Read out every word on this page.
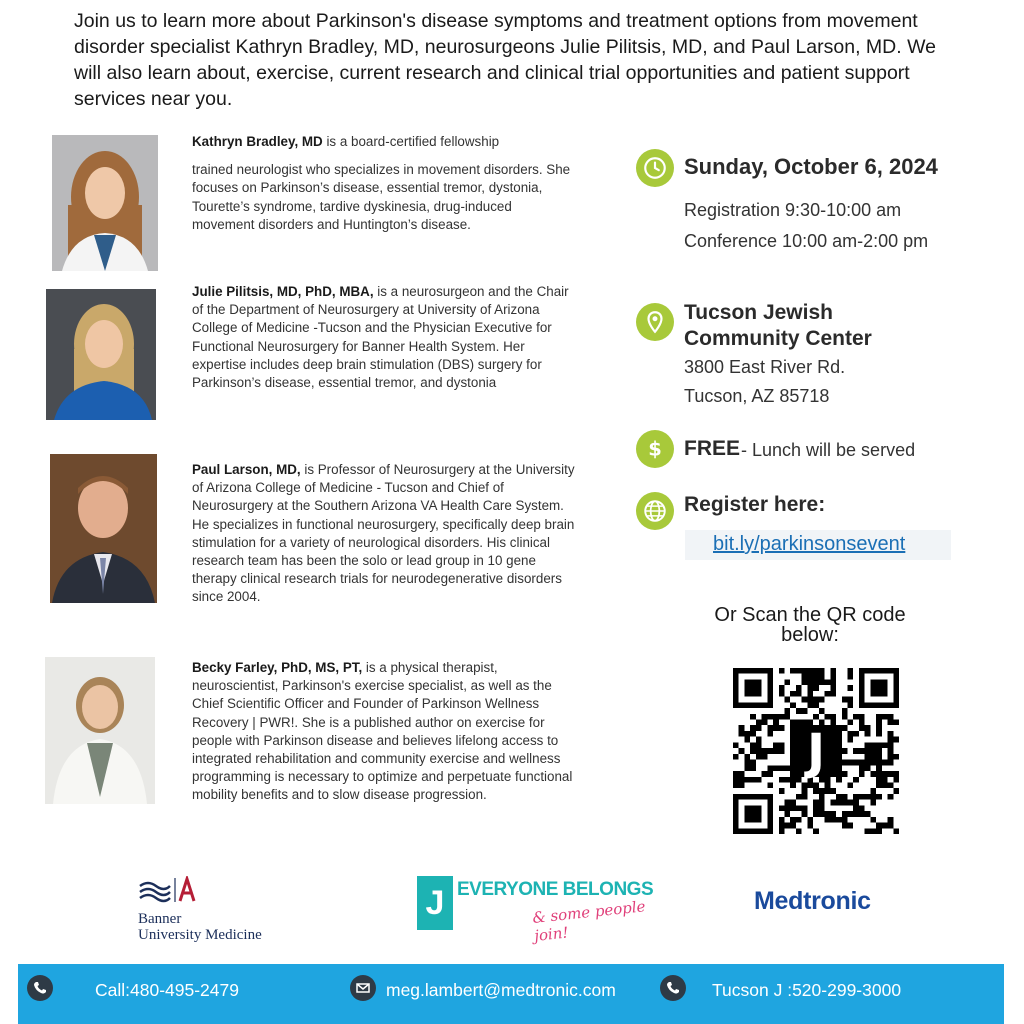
Join us to learn more about Parkinson's disease symptoms and treatment options from movement disorder specialist Kathryn Bradley, MD, neurosurgeons Julie Pilitsis, MD, and Paul Larson, MD. We will also learn about, exercise, current research and clinical trial opportunities and patient support services near you.
Kathryn Bradley, MD is a board-certified fellowship
trained neurologist who specializes in movement disorders. She focuses on Parkinson’s disease, essential tremor, dystonia, Tourette’s syndrome, tardive dyskinesia, drug-induced movement disorders and Huntington’s disease.
Julie Pilitsis, MD, PhD, MBA, is a neurosurgeon and the Chair of the Department of Neurosurgery at University of Arizona College of Medicine -Tucson and the Physician Executive for Functional Neurosurgery for Banner Health System. Her expertise includes deep brain stimulation (DBS) surgery for Parkinson’s disease, essential tremor, and dystonia
Paul Larson, MD, is Professor of Neurosurgery at the University of Arizona College of Medicine - Tucson and Chief of Neurosurgery at the Southern Arizona VA Health Care System. He specializes in functional neurosurgery, specifically deep brain stimulation for a variety of neurological disorders. His clinical research team has been the solo or lead group in 10 gene therapy clinical research trials for neurodegenerative disorders since 2004.
Becky Farley, PhD, MS, PT, is a physical therapist, neuroscientist, Parkinson's exercise specialist, as well as the Chief Scientific Officer and Founder of Parkinson Wellness Recovery | PWR!. She is a published author on exercise for people with Parkinson disease and believes lifelong access to integrated rehabilitation and community exercise and wellness programming is necessary to optimize and perpetuate functional mobility benefits and to slow disease progression.
Sunday, October 6, 2024
Registration 9:30-10:00 am
Conference 10:00 am-2:00 pm
Tucson Jewish
Community Center
3800 East River Rd.
Tucson, AZ 85718
$ FREE - Lunch will be served
Register here:
bit.ly/parkinsonsevent
Or Scan the QR code
below:
J
Banner
University Medicine
J EVERYONE BELONGS
& some people join!
Medtronic
Call:480-495-2479	meg.lambert@medtronic.com	Tucson J :520-299-3000
